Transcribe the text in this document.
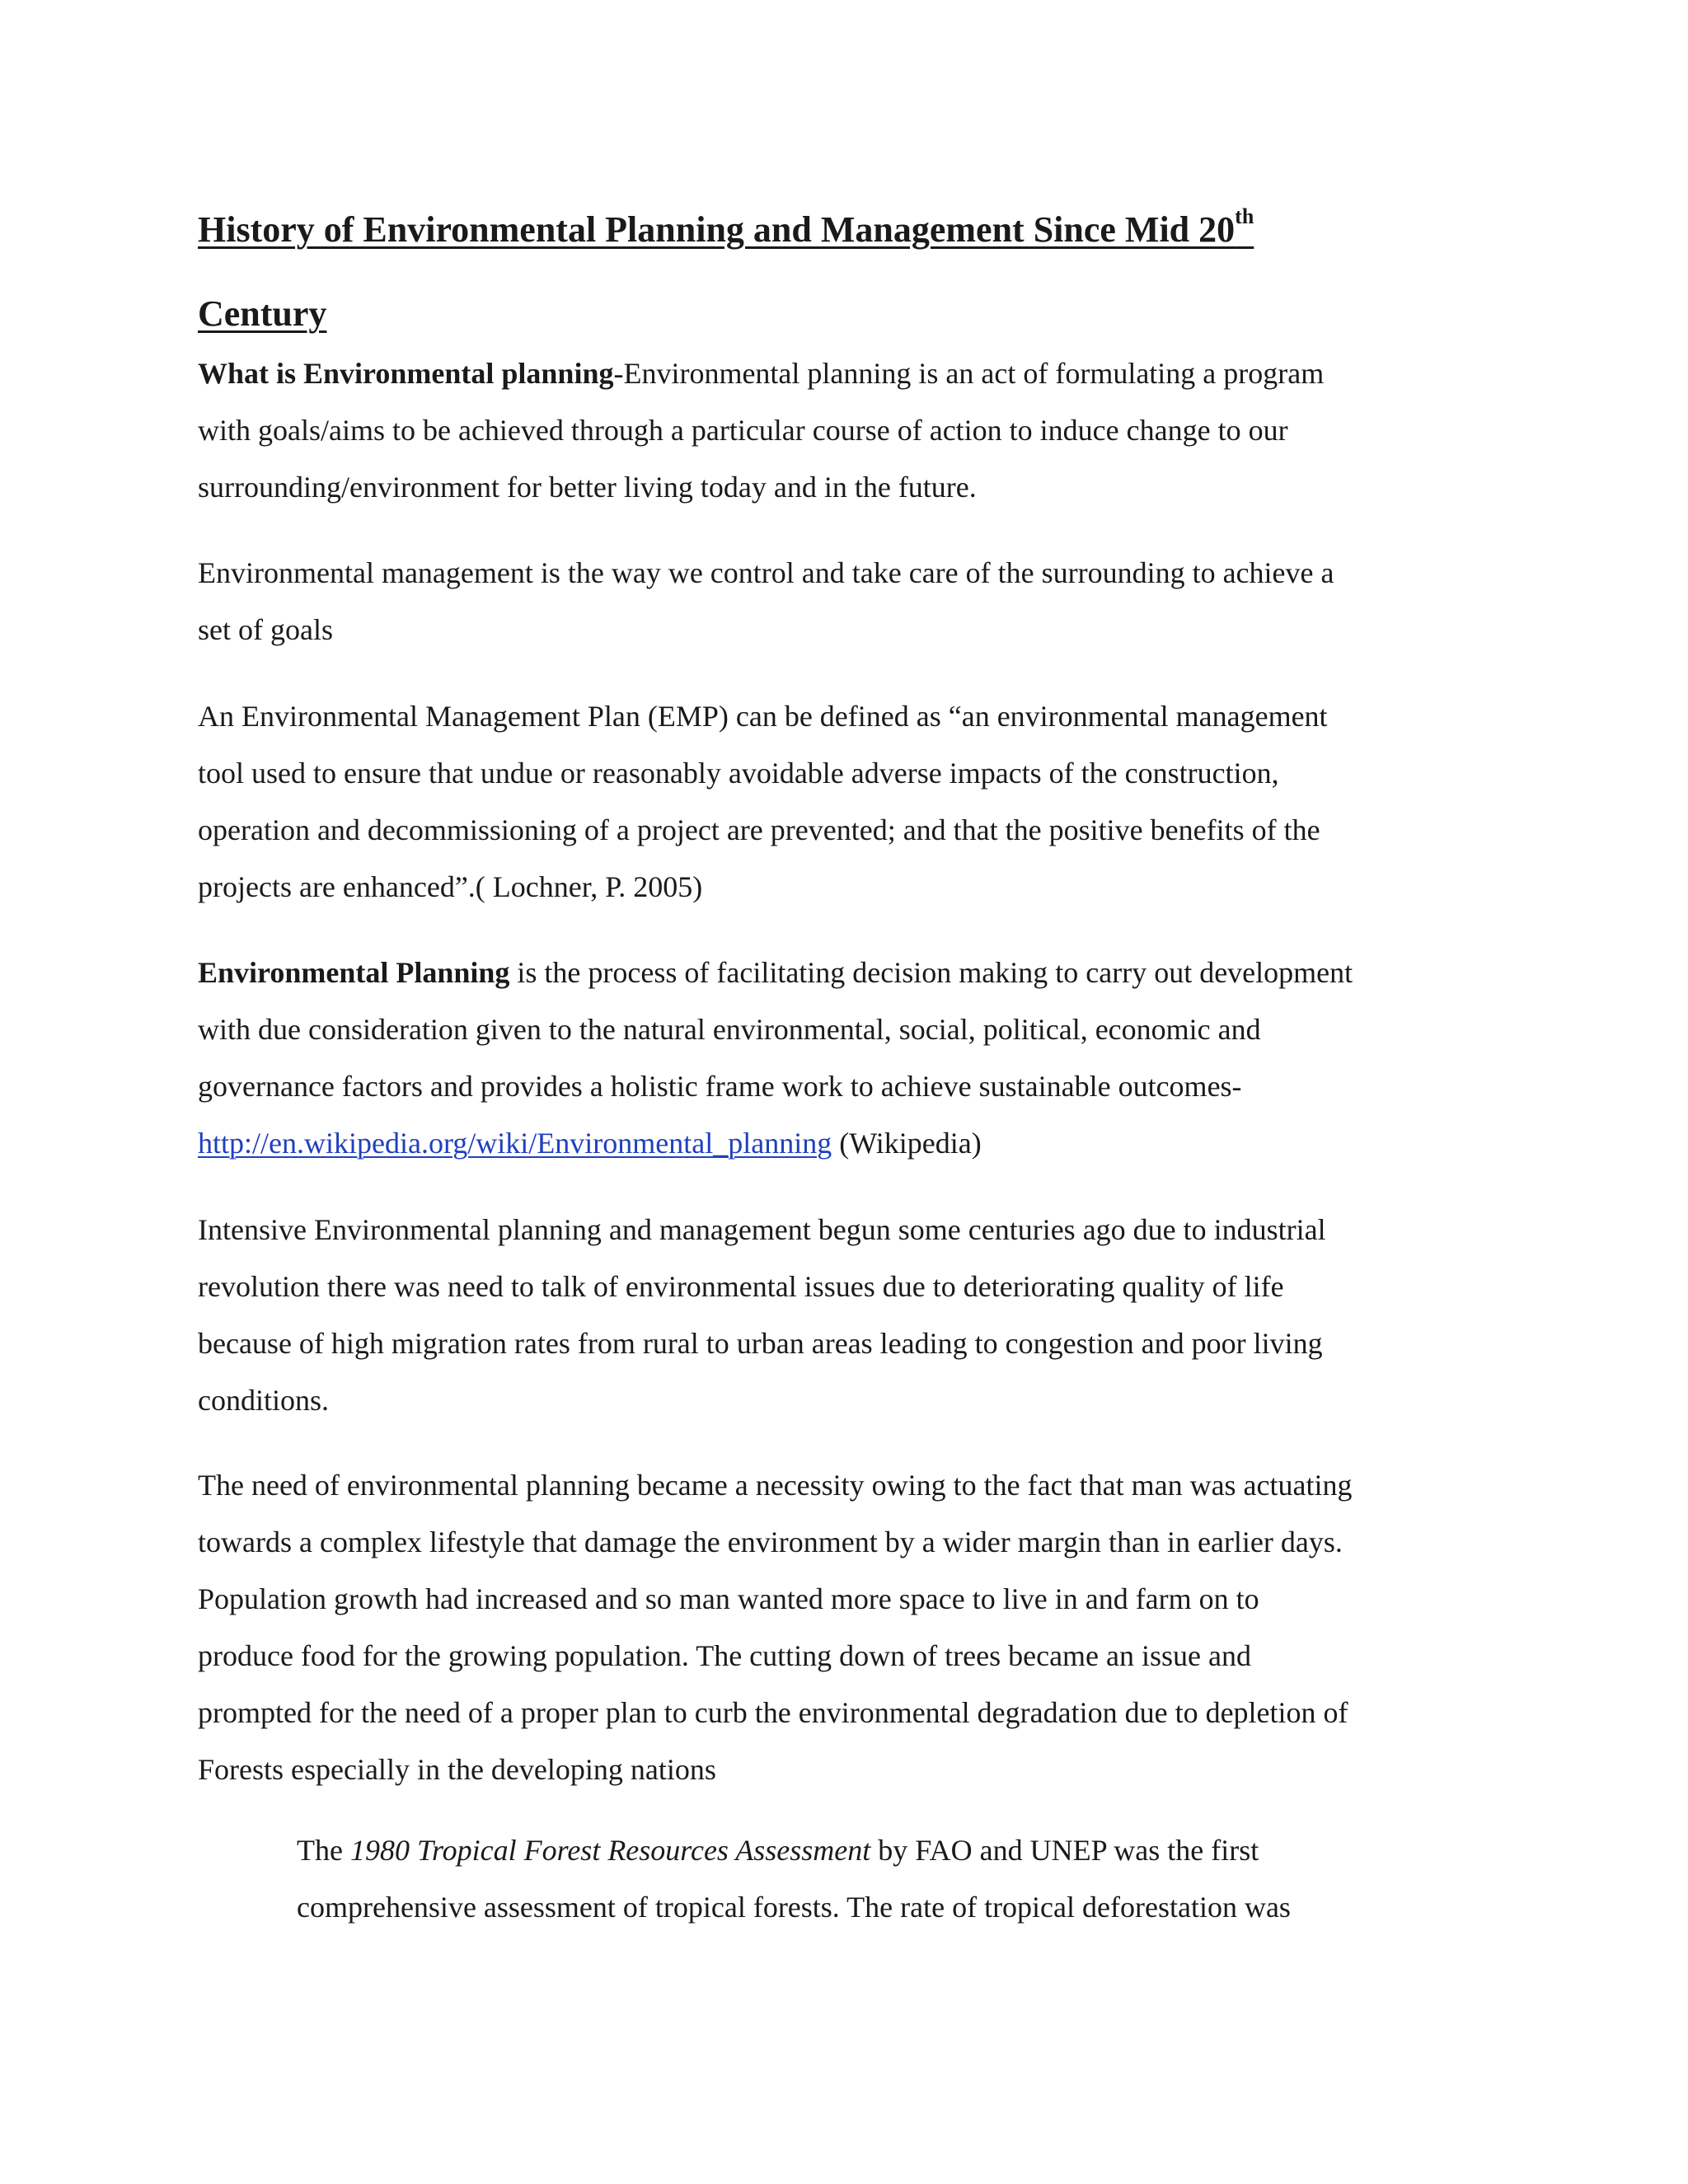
History of Environmental Planning and Management Since Mid 20th
Century

What is Environmental planning-Environmental planning is an act of formulating a program
with goals/aims to be achieved through a particular course of action to induce change to our
surrounding/environment for better living today and in the future.

Environmental management is the way we control and take care of the surrounding to achieve a
set of goals

An Environmental Management Plan (EMP) can be defined as “an environmental management
tool used to ensure that undue or reasonably avoidable adverse impacts of the construction,
operation and decommissioning of a project are prevented; and that the positive benefits of the
projects are enhanced”.( Lochner, P. 2005)

Environmental Planning is the process of facilitating decision making to carry out development
with due consideration given to the natural environmental, social, political, economic and
governance factors and provides a holistic frame work to achieve sustainable outcomes-
http://en.wikipedia.org/wiki/Environmental_planning (Wikipedia)

Intensive Environmental planning and management begun some centuries ago due to industrial
revolution there was need to talk of environmental issues due to deteriorating quality of life
because of high migration rates from rural to urban areas leading to congestion and poor living
conditions.

The need of environmental planning became a necessity owing to the fact that man was actuating
towards a complex lifestyle that damage the environment by a wider margin than in earlier days.
Population growth had increased and so man wanted more space to live in and farm on to
produce food for the growing population. The cutting down of trees became an issue and
prompted for the need of a proper plan to curb the environmental degradation due to depletion of
Forests especially in the developing nations

The 1980 Tropical Forest Resources Assessment by FAO and UNEP was the first
comprehensive assessment of tropical forests. The rate of tropical deforestation was
